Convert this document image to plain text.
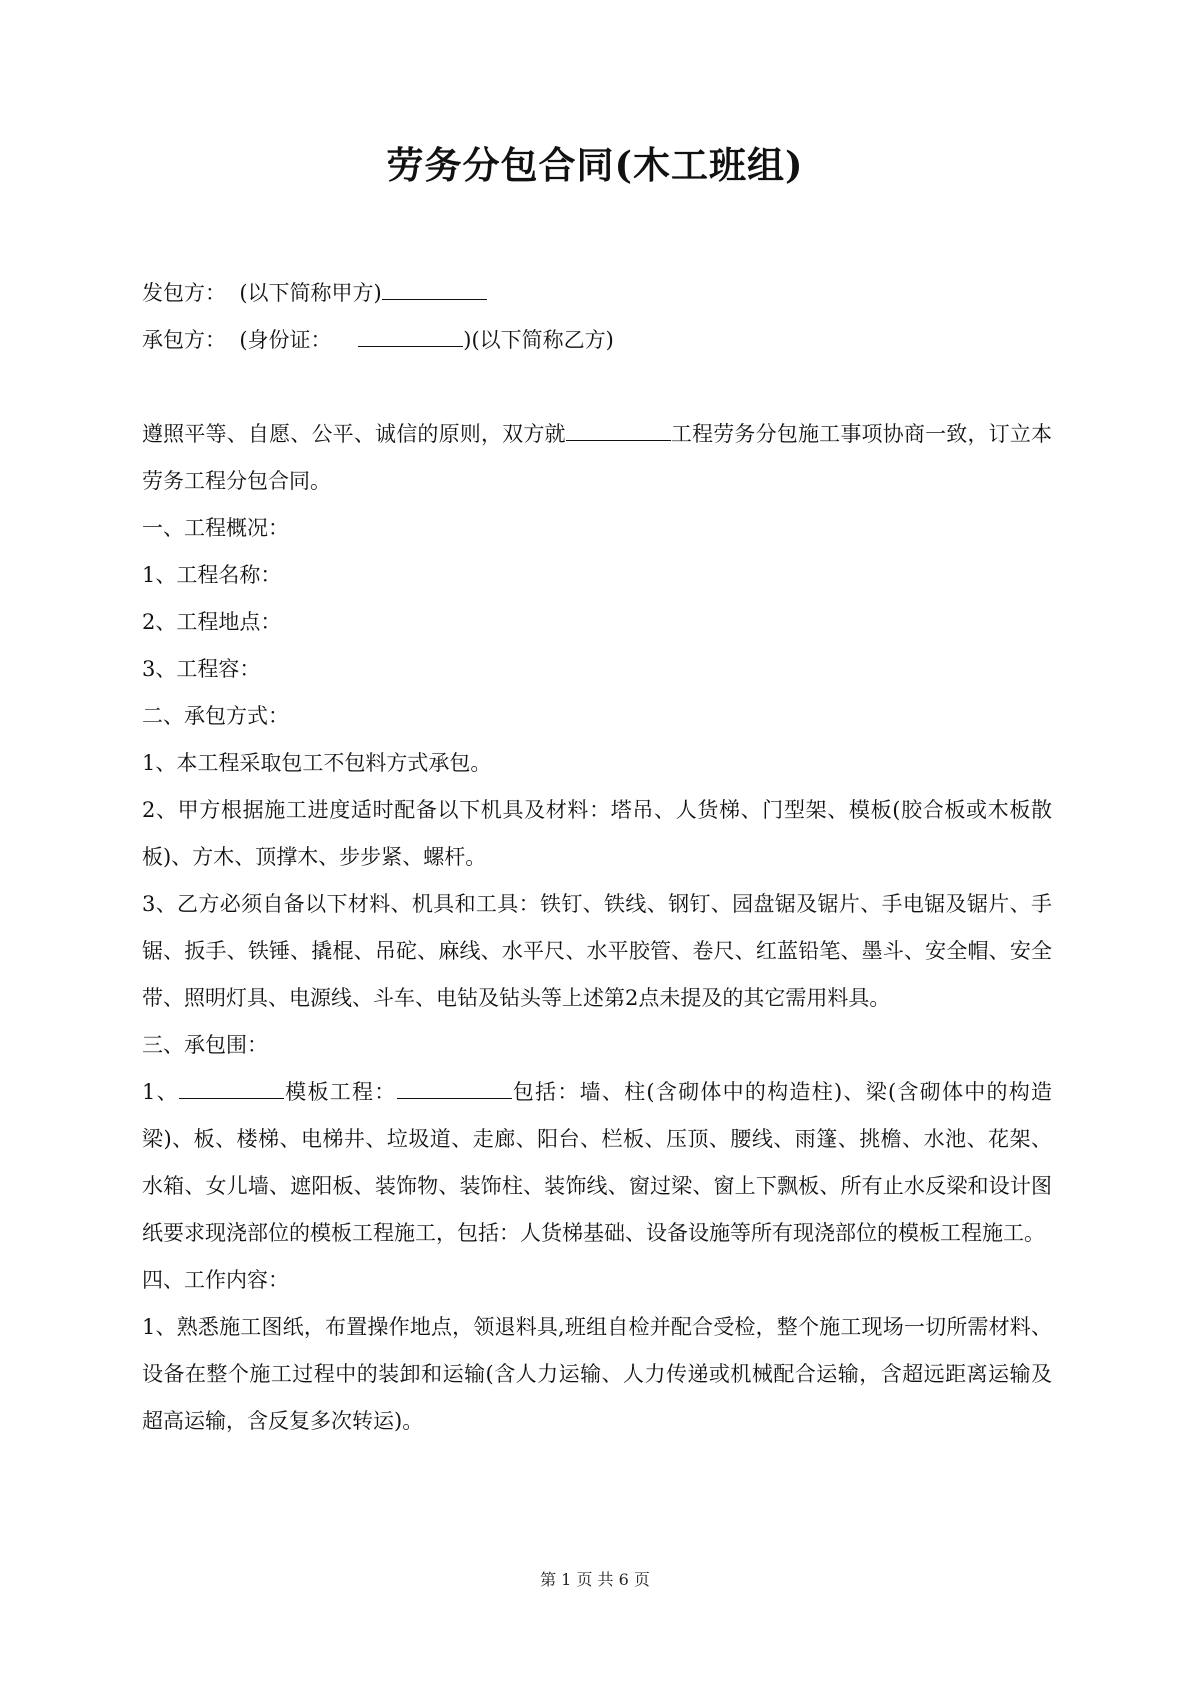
劳务分包合同(木工班组)
发包方： (以下简称甲方)
承包方： (身份证：	)(以下简称乙方)
遵照平等、自愿、公平、诚信的原则，双方就	工程劳务分包施工事项协商一致，订立本劳务工程分包合同。
一、工程概况：
1、工程名称：
2、工程地点：
3、工程容：
二、承包方式：
1、本工程采取包工不包料方式承包。
2、甲方根据施工进度适时配备以下机具及材料：塔吊、人货梯、门型架、模板(胶合板或木板散板)、方木、顶撑木、步步紧、螺杆。
3、乙方必须自备以下材料、机具和工具：铁钉、铁线、钢钉、园盘锯及锯片、手电锯及锯片、手锯、扳手、铁锤、撬棍、吊砣、麻线、水平尺、水平胶管、卷尺、红蓝铅笔、墨斗、安全帽、安全带、照明灯具、电源线、斗车、电钻及钻头等上述第2点未提及的其它需用料具。
三、承包围：
1、	模板工程：	包括：墙、柱(含砌体中的构造柱)、梁(含砌体中的构造梁)、板、楼梯、电梯井、垃圾道、走廊、阳台、栏板、压顶、腰线、雨篷、挑檐、水池、花架、水箱、女儿墙、遮阳板、装饰物、装饰柱、装饰线、窗过梁、窗上下飘板、所有止水反梁和设计图纸要求现浇部位的模板工程施工，包括：人货梯基础、设备设施等所有现浇部位的模板工程施工。
四、工作内容：
1、熟悉施工图纸，布置操作地点，领退料具,班组自检并配合受检，整个施工现场一切所需材料、设备在整个施工过程中的装卸和运输(含人力运输、人力传递或机械配合运输，含超远距离运输及超高运输，含反复多次转运)。
第 1 页 共 6 页
